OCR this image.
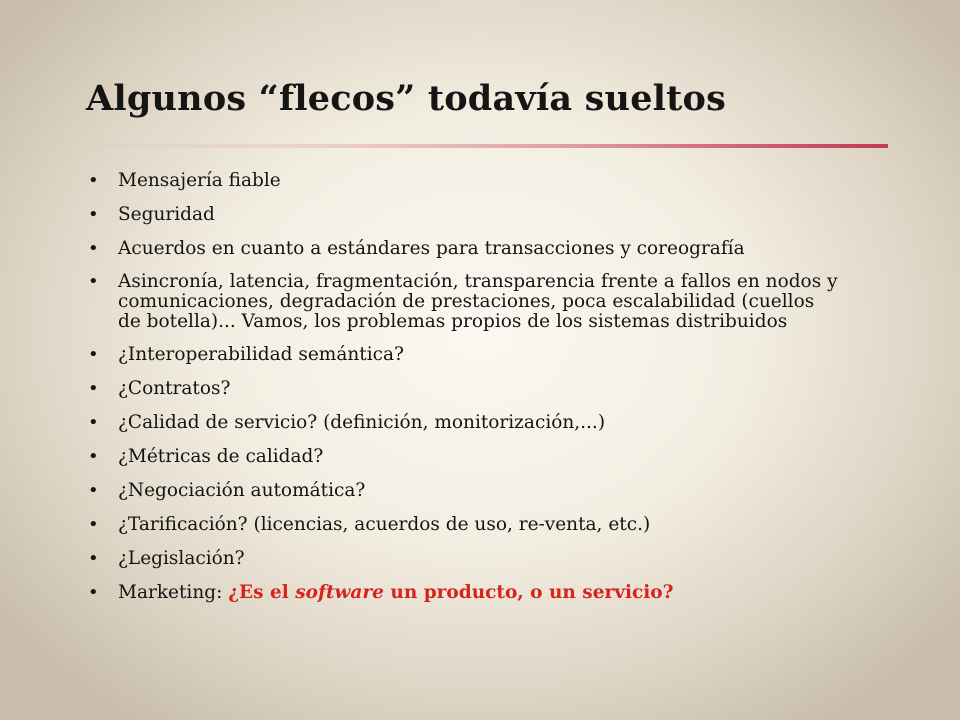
Algunos “flecos” todavía sueltos
• Mensajería fiable
• Seguridad
• Acuerdos en cuanto a estándares para transacciones y coreografía
• Asincronía, latencia, fragmentación, transparencia frente a fallos en nodos y comunicaciones, degradación de prestaciones, poca escalabilidad (cuellos de botella)... Vamos, los problemas propios de los sistemas distribuidos
• ¿Interoperabilidad semántica?
• ¿Contratos?
• ¿Calidad de servicio? (definición, monitorización,...)
• ¿Métricas de calidad?
• ¿Negociación automática?
• ¿Tarificación? (licencias, acuerdos de uso, re-venta, etc.)
• ¿Legislación?
• Marketing: ¿Es el software un producto, o un servicio?
